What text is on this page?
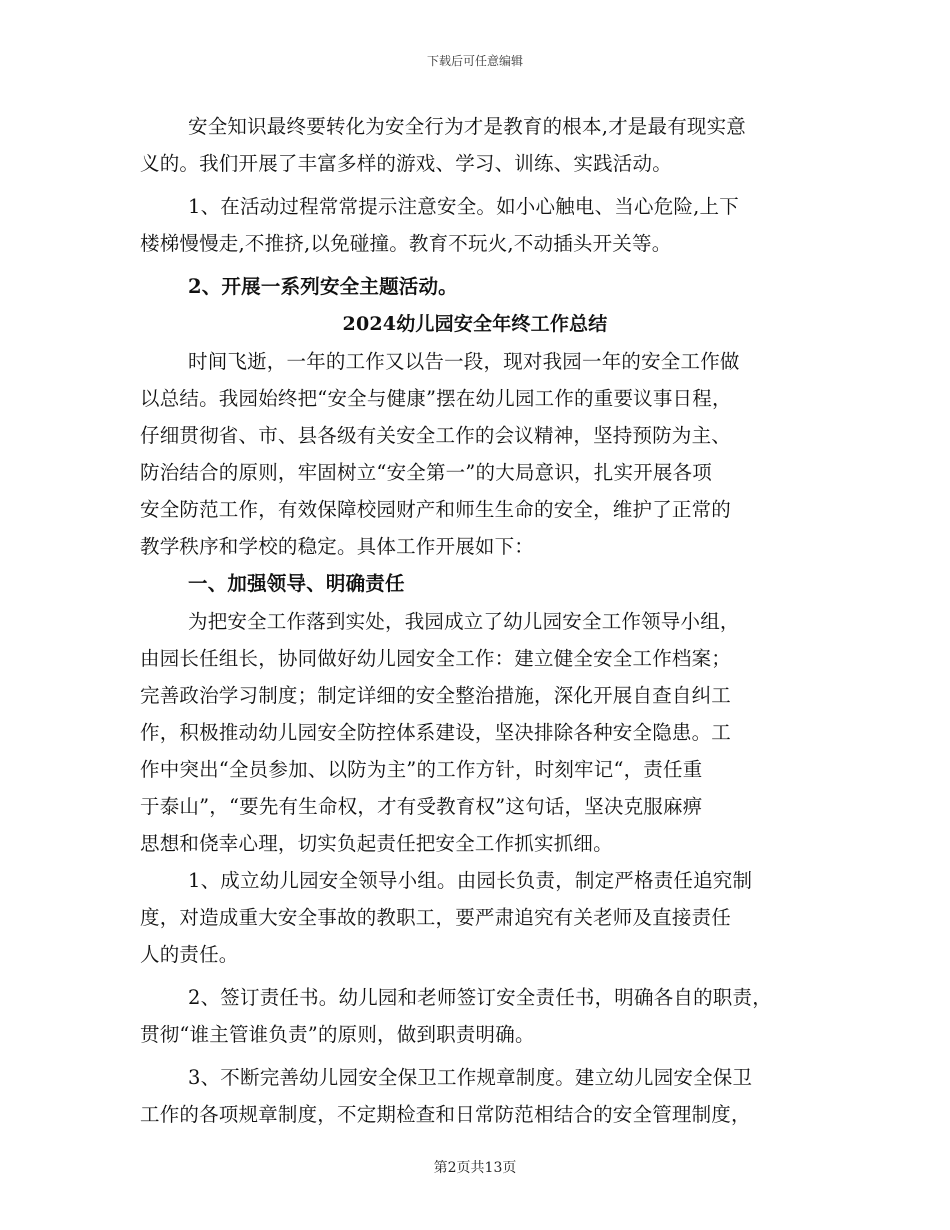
下载后可任意编辑
安全知识最终要转化为安全行为才是教育的根本,才是最有现实意
义的。我们开展了丰富多样的游戏、学习、训练、实践活动。
1、在活动过程常常提示注意安全。如小心触电、当心危险,上下
楼梯慢慢走,不推挤,以免碰撞。教育不玩火,不动插头开关等。
2、开展一系列安全主题活动。
2024幼儿园安全年终工作总结
时间飞逝，一年的工作又以告一段，现对我园一年的安全工作做
以总结。我园始终把“安全与健康”摆在幼儿园工作的重要议事日程，
仔细贯彻省、市、县各级有关安全工作的会议精神，坚持预防为主、
防治结合的原则，牢固树立“安全第一”的大局意识，扎实开展各项
安全防范工作，有效保障校园财产和师生生命的安全，维护了正常的
教学秩序和学校的稳定。具体工作开展如下：
一、加强领导、明确责任
为把安全工作落到实处，我园成立了幼儿园安全工作领导小组，
由园长任组长，协同做好幼儿园安全工作：建立健全安全工作档案；
完善政治学习制度；制定详细的安全整治措施，深化开展自查自纠工
作，积极推动幼儿园安全防控体系建设，坚决排除各种安全隐患。工
作中突出“全员参加、以防为主”的工作方针，时刻牢记“，责任重
于泰山”，“要先有生命权，才有受教育权”这句话，坚决克服麻痹
思想和侥幸心理，切实负起责任把安全工作抓实抓细。
1、成立幼儿园安全领导小组。由园长负责，制定严格责任追究制
度，对造成重大安全事故的教职工，要严肃追究有关老师及直接责任
人的责任。
2、签订责任书。幼儿园和老师签订安全责任书，明确各自的职责，
贯彻“谁主管谁负责”的原则，做到职责明确。
3、不断完善幼儿园安全保卫工作规章制度。建立幼儿园安全保卫
工作的各项规章制度，不定期检查和日常防范相结合的安全管理制度，
第2页共13页
